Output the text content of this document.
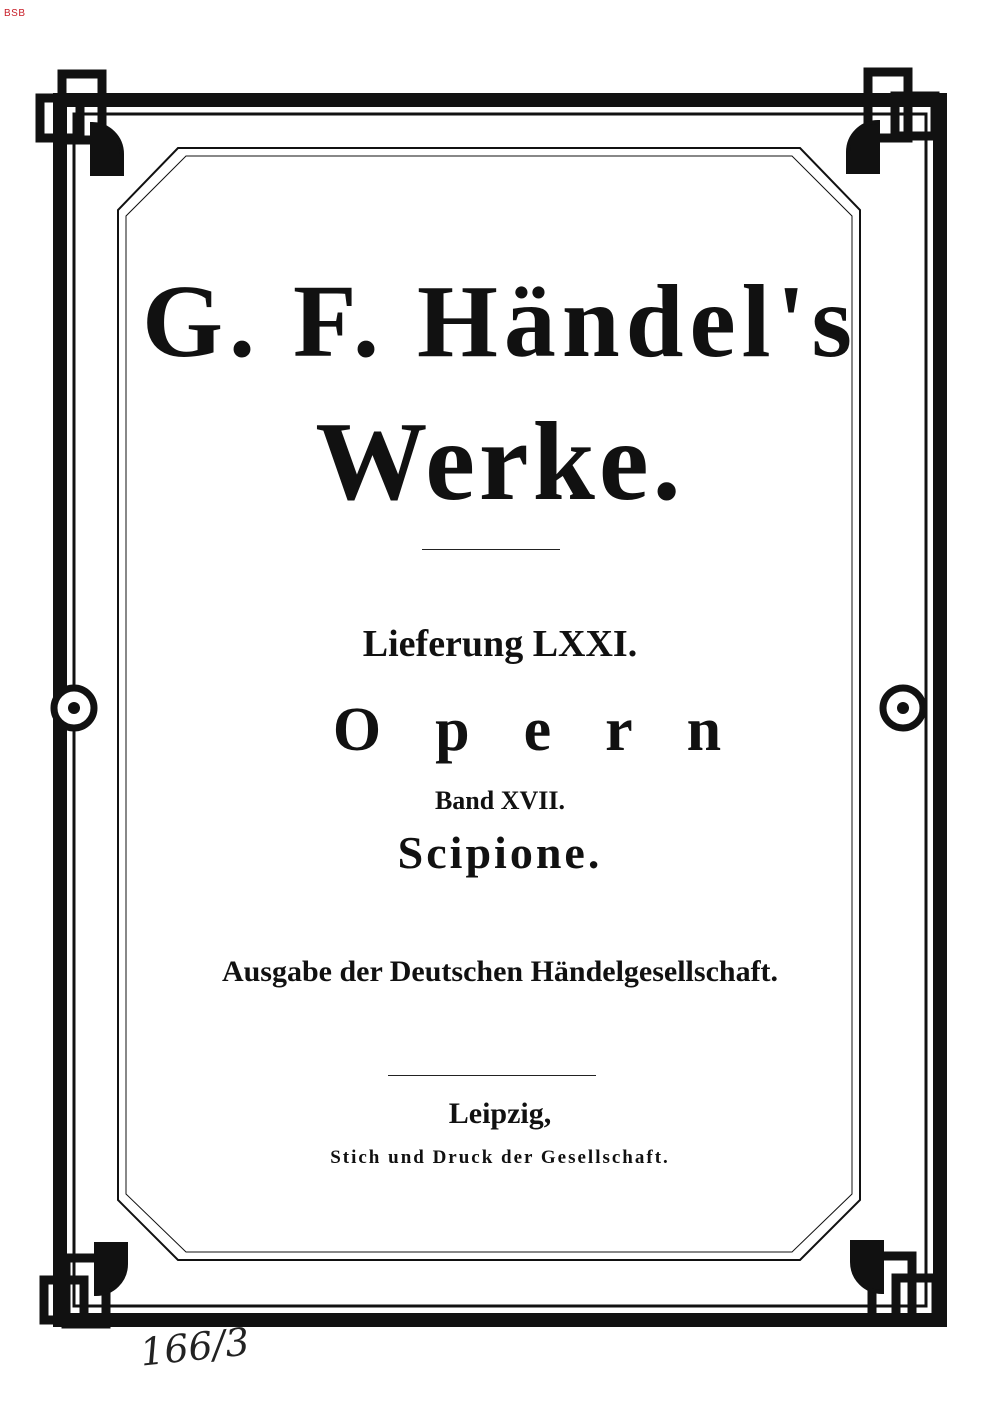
BSB
G. F. Händel's
Werke.
Lieferung LXXI.
Opern
Band XVII.
Scipione.
Ausgabe der Deutschen Händelgesellschaft.
Leipzig,
Stich und Druck der Gesellschaft.
166/3
